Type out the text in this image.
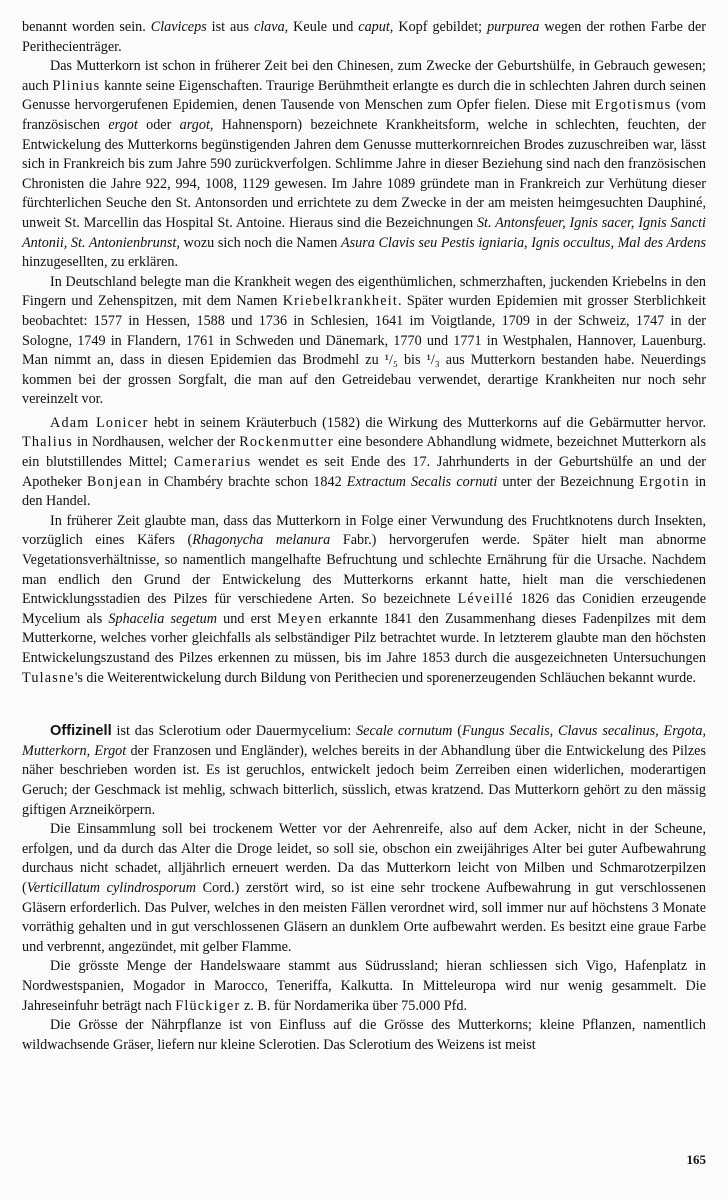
benannt worden sein. Claviceps ist aus clava, Keule und caput, Kopf gebildet; purpurea wegen der rothen Farbe der Perithecienträger.

Das Mutterkorn ist schon in früherer Zeit bei den Chinesen, zum Zwecke der Geburtshülfe, in Gebrauch gewesen; auch Plinius kannte seine Eigenschaften. Traurige Berühmtheit erlangte es durch die in schlechten Jahren durch seinen Genusse hervorgerufenen Epidemien, denen Tausende von Menschen zum Opfer fielen. Diese mit Ergotismus (vom französischen ergot oder argot, Hahnensporn) bezeichnete Krankheitsform, welche in schlechten, feuchten, der Entwickelung des Mutterkorns begünstigenden Jahren dem Genusse mutterkornreichen Brodes zuzuschreiben war, lässt sich in Frankreich bis zum Jahre 590 zurückverfolgen. Schlimme Jahre in dieser Beziehung sind nach den französischen Chronisten die Jahre 922, 994, 1008, 1129 gewesen. Im Jahre 1089 gründete man in Frankreich zur Verhütung dieser fürchterlichen Seuche den St. Antonsorden und errichtete zu dem Zwecke in der am meisten heimgesuchten Dauphiné, unweit St. Marcellin das Hospital St. Antoine. Hieraus sind die Bezeichnungen St. Antonsfeuer, Ignis sacer, Ignis Sancti Antonii, St. Antonienbrunst, wozu sich noch die Namen Asura Clavis seu Pestis igniaria, Ignis occultus, Mal des Ardens hinzugesellten, zu erklären.

In Deutschland belegte man die Krankheit wegen des eigenthümlichen, schmerzhaften, juckenden Kriebelns in den Fingern und Zehenspitzen, mit dem Namen Kriebelkrankheit. Später wurden Epidemien mit grosser Sterblichkeit beobachtet: 1577 in Hessen, 1588 und 1736 in Schlesien, 1641 im Voigtlande, 1709 in der Schweiz, 1747 in der Sologne, 1749 in Flandern, 1761 in Schweden und Dänemark, 1770 und 1771 in Westphalen, Hannover, Lauenburg. Man nimmt an, dass in diesen Epidemien das Brodmehl zu ¹/₅ bis ¹/₃ aus Mutterkorn bestanden habe. Neuerdings kommen bei der grossen Sorgfalt, die man auf den Getreidebau verwendet, derartige Krankheiten nur noch sehr vereinzelt vor.

Adam Lonicer hebt in seinem Kräuterbuch (1582) die Wirkung des Mutterkorns auf die Gebärmutter hervor. Thalius in Nordhausen, welcher der Rockenmutter eine besondere Abhandlung widmete, bezeichnet Mutterkorn als ein blutstillendes Mittel; Camerarius wendet es seit Ende des 17. Jahrhunderts in der Geburtshülfe an und der Apotheker Bonjean in Chambéry brachte schon 1842 Extractum Secalis cornuti unter der Bezeichnung Ergotin in den Handel.

In früherer Zeit glaubte man, dass das Mutterkorn in Folge einer Verwundung des Fruchtknotens durch Insekten, vorzüglich eines Käfers (Rhagonycha melanura Fabr.) hervorgerufen werde. Später hielt man abnorme Vegetationsverhältnisse, so namentlich mangelhafte Befruchtung und schlechte Ernährung für die Ursache. Nachdem man endlich den Grund der Entwickelung des Mutterkorns erkannt hatte, hielt man die verschiedenen Entwicklungsstadien des Pilzes für verschiedene Arten. So bezeichnete Léveillé 1826 das Conidien erzeugende Mycelium als Sphacelia segetum und erst Meyen erkannte 1841 den Zusammenhang dieses Fadenpilzes mit dem Mutterkorne, welches vorher gleichfalls als selbständiger Pilz betrachtet wurde. In letzterem glaubte man den höchsten Entwickelungszustand des Pilzes erkennen zu müssen, bis im Jahre 1853 durch die ausgezeichneten Untersuchungen Tulasne's die Weiterentwickelung durch Bildung von Perithecien und sporenerzeugenden Schläuchen bekannt wurde.

Offizinell ist das Sclerotium oder Dauermycelium: Secale cornutum (Fungus Secalis, Clavus secalinus, Ergota, Mutterkorn, Ergot der Franzosen und Engländer), welches bereits in der Abhandlung über die Entwickelung des Pilzes näher beschrieben worden ist. Es ist geruchlos, entwickelt jedoch beim Zerreiben einen widerlichen, moderartigen Geruch; der Geschmack ist mehlig, schwach bitterlich, süsslich, etwas kratzend. Das Mutterkorn gehört zu den mässig giftigen Arzneikörpern.

Die Einsammlung soll bei trockenem Wetter vor der Aehrenreife, also auf dem Acker, nicht in der Scheune, erfolgen, und da durch das Alter die Droge leidet, so soll sie, obschon ein zweijähriges Alter bei guter Aufbewahrung durchaus nicht schadet, alljährlich erneuert werden. Da das Mutterkorn leicht von Milben und Schmarotzerpilzen (Verticillatum cylindrosporum Cord.) zerstört wird, so ist eine sehr trockene Aufbewahrung in gut verschlossenen Gläsern erforderlich. Das Pulver, welches in den meisten Fällen verordnet wird, soll immer nur auf höchstens 3 Monate vorräthig gehalten und in gut verschlossenen Gläsern an dunklem Orte aufbewahrt werden. Es besitzt eine graue Farbe und verbrennt, angezündet, mit gelber Flamme.

Die grösste Menge der Handelswaare stammt aus Südrussland; hieran schliessen sich Vigo, Hafenplatz in Nordwestspanien, Mogador in Marocco, Teneriffa, Kalkutta. In Mitteleuropa wird nur wenig gesammelt. Die Jahreseinfuhr beträgt nach Flückiger z. B. für Nordamerika über 75.000 Pfd.

Die Grösse der Nährpflanze ist von Einfluss auf die Grösse des Mutterkorns; kleine Pflanzen, namentlich wildwachsende Gräser, liefern nur kleine Sclerotien. Das Sclerotium des Weizens ist meist

165
